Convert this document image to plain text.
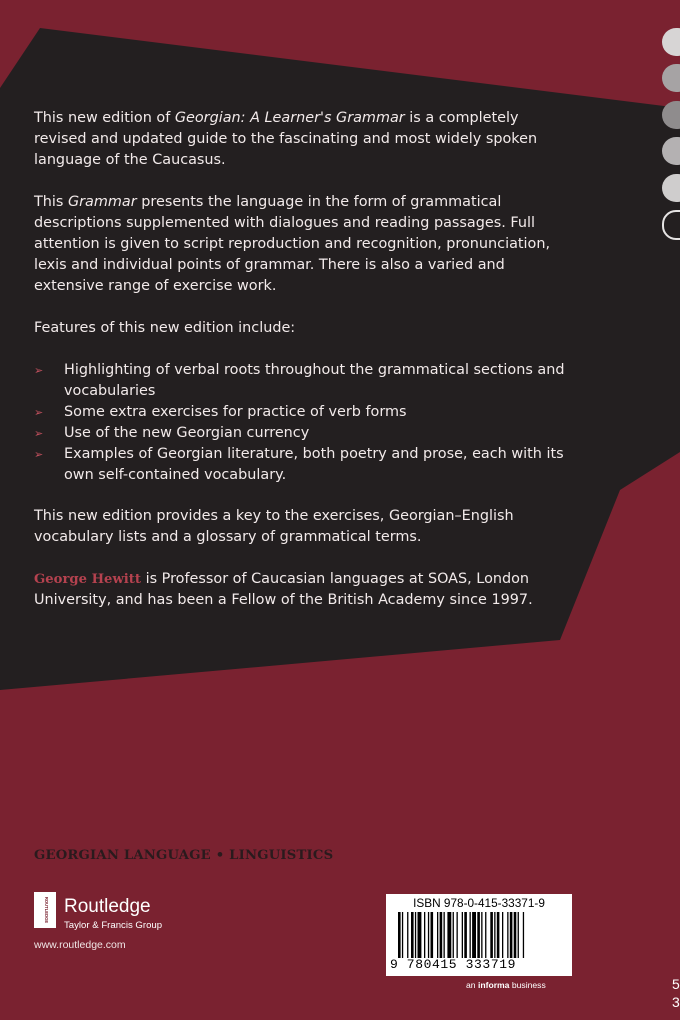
This new edition of Georgian: A Learner's Grammar is a completely revised and updated guide to the fascinating and most widely spoken language of the Caucasus.

This Grammar presents the language in the form of grammatical descriptions supplemented with dialogues and reading passages. Full attention is given to script reproduction and recognition, pronunciation, lexis and individual points of grammar. There is also a varied and extensive range of exercise work.

Features of this new edition include:

➢ Highlighting of verbal roots throughout the grammatical sections and vocabularies
➢ Some extra exercises for practice of verb forms
➢ Use of the new Georgian currency
➢ Examples of Georgian literature, both poetry and prose, each with its own self-contained vocabulary.

This new edition provides a key to the exercises, Georgian–English vocabulary lists and a glossary of grammatical terms.

George Hewitt is Professor of Caucasian languages at SOAS, London University, and has been a Fellow of the British Academy since 1997.

GEORGIAN LANGUAGE • LINGUISTICS
ROUTLEDGE Routledge
Taylor & Francis Group
www.routledge.com
ISBN 978-0-415-33371-9
9 780415 333719
an informa business	5
3
